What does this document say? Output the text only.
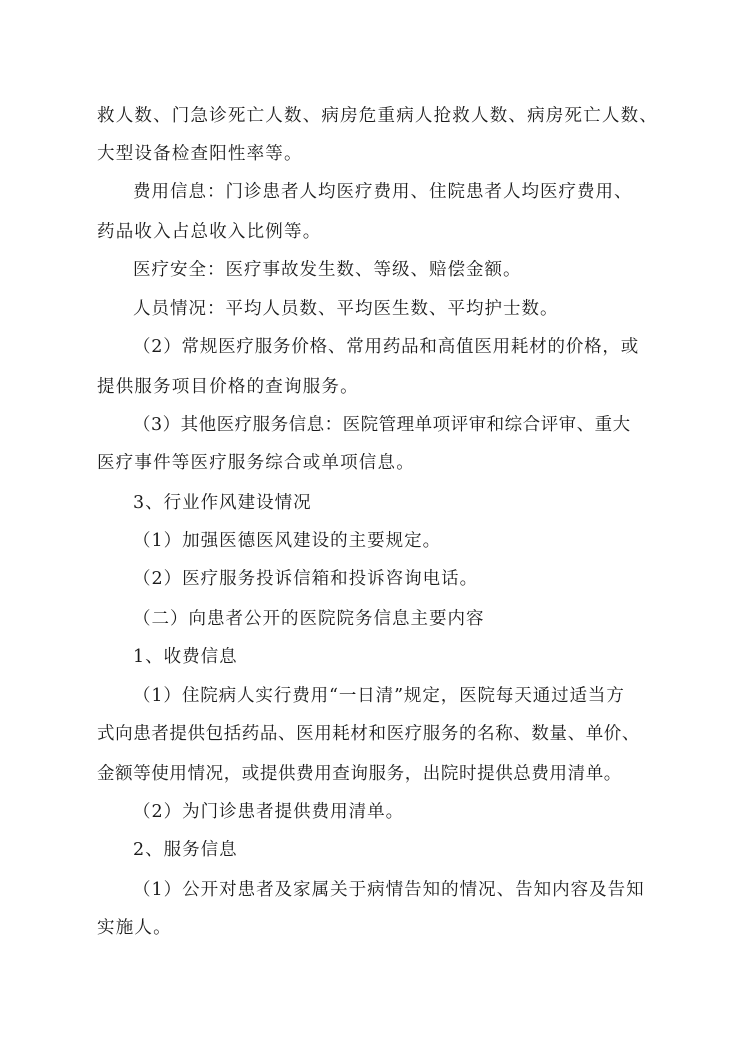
救人数、门急诊死亡人数、病房危重病人抢救人数、病房死亡人数、
大型设备检查阳性率等。
费用信息：门诊患者人均医疗费用、住院患者人均医疗费用、
药品收入占总收入比例等。
医疗安全：医疗事故发生数、等级、赔偿金额。
人员情况：平均人员数、平均医生数、平均护士数。
（2）常规医疗服务价格、常用药品和高值医用耗材的价格，或
提供服务项目价格的查询服务。
（3）其他医疗服务信息：医院管理单项评审和综合评审、重大
医疗事件等医疗服务综合或单项信息。
3、行业作风建设情况
（1）加强医德医风建设的主要规定。
（2）医疗服务投诉信箱和投诉咨询电话。
（二）向患者公开的医院院务信息主要内容
1、收费信息
（1）住院病人实行费用“一日清”规定，医院每天通过适当方
式向患者提供包括药品、医用耗材和医疗服务的名称、数量、单价、
金额等使用情况，或提供费用查询服务，出院时提供总费用清单。
（2）为门诊患者提供费用清单。
2、服务信息
（1）公开对患者及家属关于病情告知的情况、告知内容及告知
实施人。
